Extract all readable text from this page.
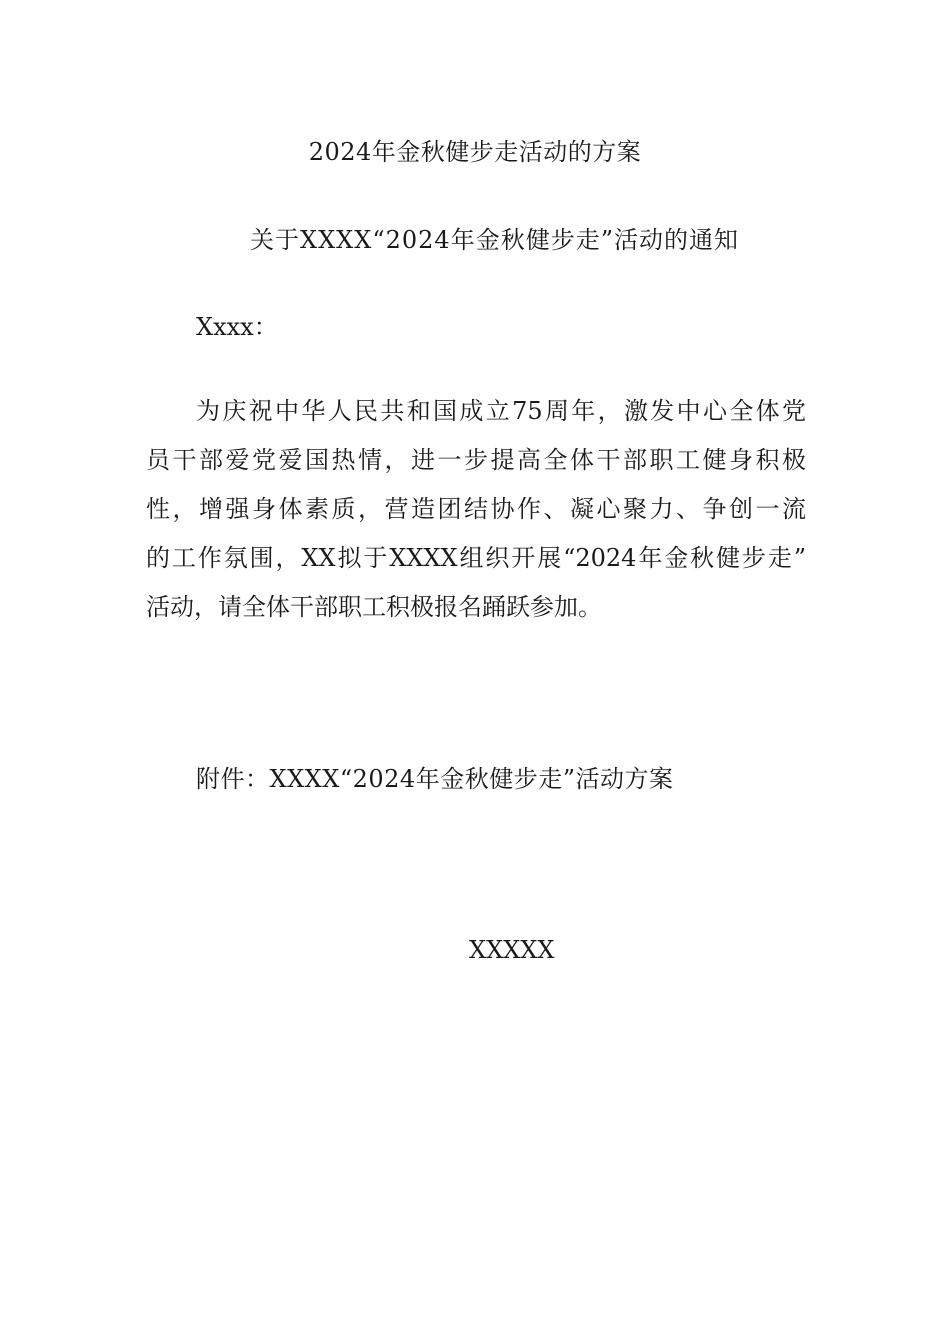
2024年金秋健步走活动的方案
关于XXXX“2024年金秋健步走”活动的通知
Xxxx：
为庆祝中华人民共和国成立75周年，激发中心全体党
员干部爱党爱国热情，进一步提高全体干部职工健身积极
性，增强身体素质，营造团结协作、凝心聚力、争创一流
的工作氛围，XX拟于XXXX组织开展“2024年金秋健步走”
活动，请全体干部职工积极报名踊跃参加。
附件：XXXX“2024年金秋健步走”活动方案
XXXXX
